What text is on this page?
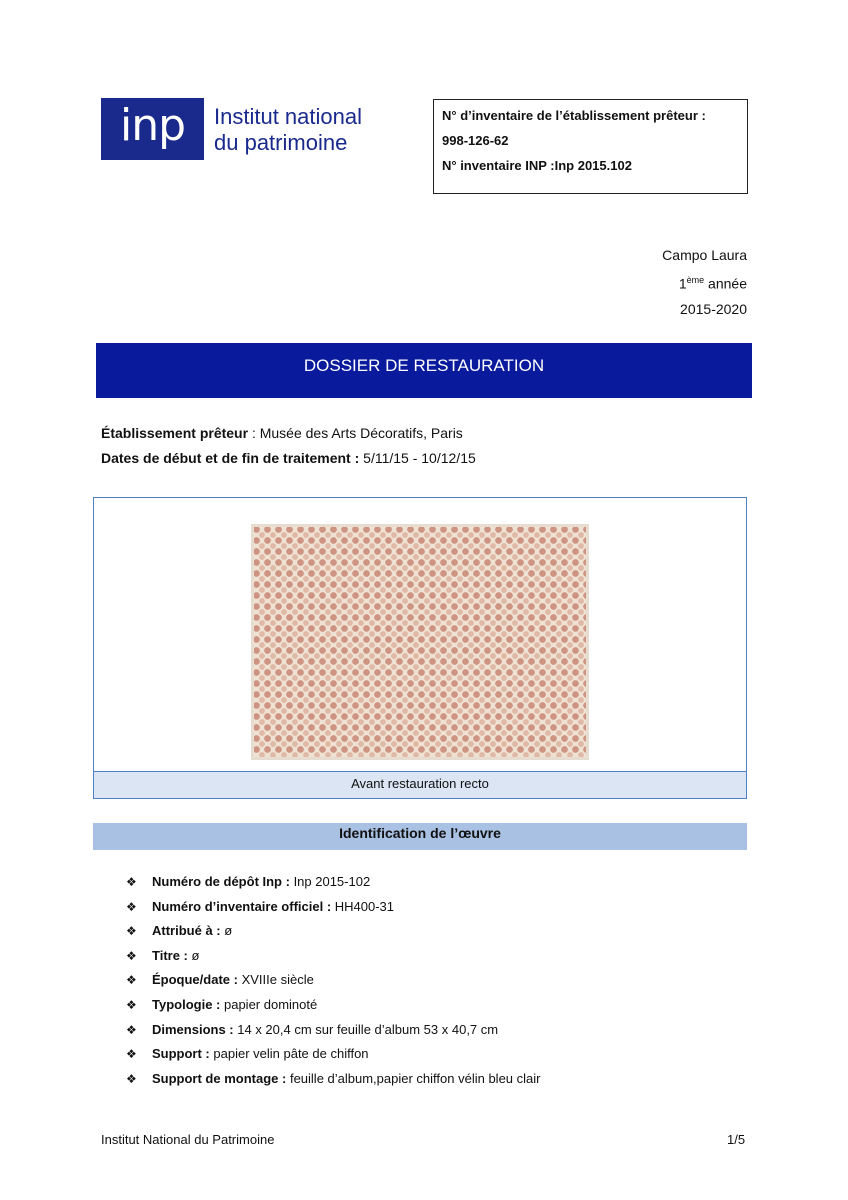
inp	Institut national
du patrimoine
N° d’inventaire de l’établissement prêteur :
998-126-62
N° inventaire INP :Inp 2015.102
Campo Laura
1ème année
2015-2020
DOSSIER DE RESTAURATION
Établissement prêteur : Musée des Arts Décoratifs, Paris
Dates de début et de fin de traitement : 5/11/15 - 10/12/15
Avant restauration recto
Identification de l’œuvre
❖ Numéro de dépôt Inp : Inp 2015-102
❖ Numéro d’inventaire officiel : HH400-31
❖ Attribué à : ø
❖ Titre : ø
❖ Époque/date : XVIIIe siècle
❖ Typologie : papier dominoté
❖ Dimensions : 14 x 20,4 cm sur feuille d’album 53 x 40,7 cm
❖ Support : papier velin pâte de chiffon
❖ Support de montage : feuille d’album,papier chiffon vélin bleu clair
Institut National du Patrimoine	1/5
